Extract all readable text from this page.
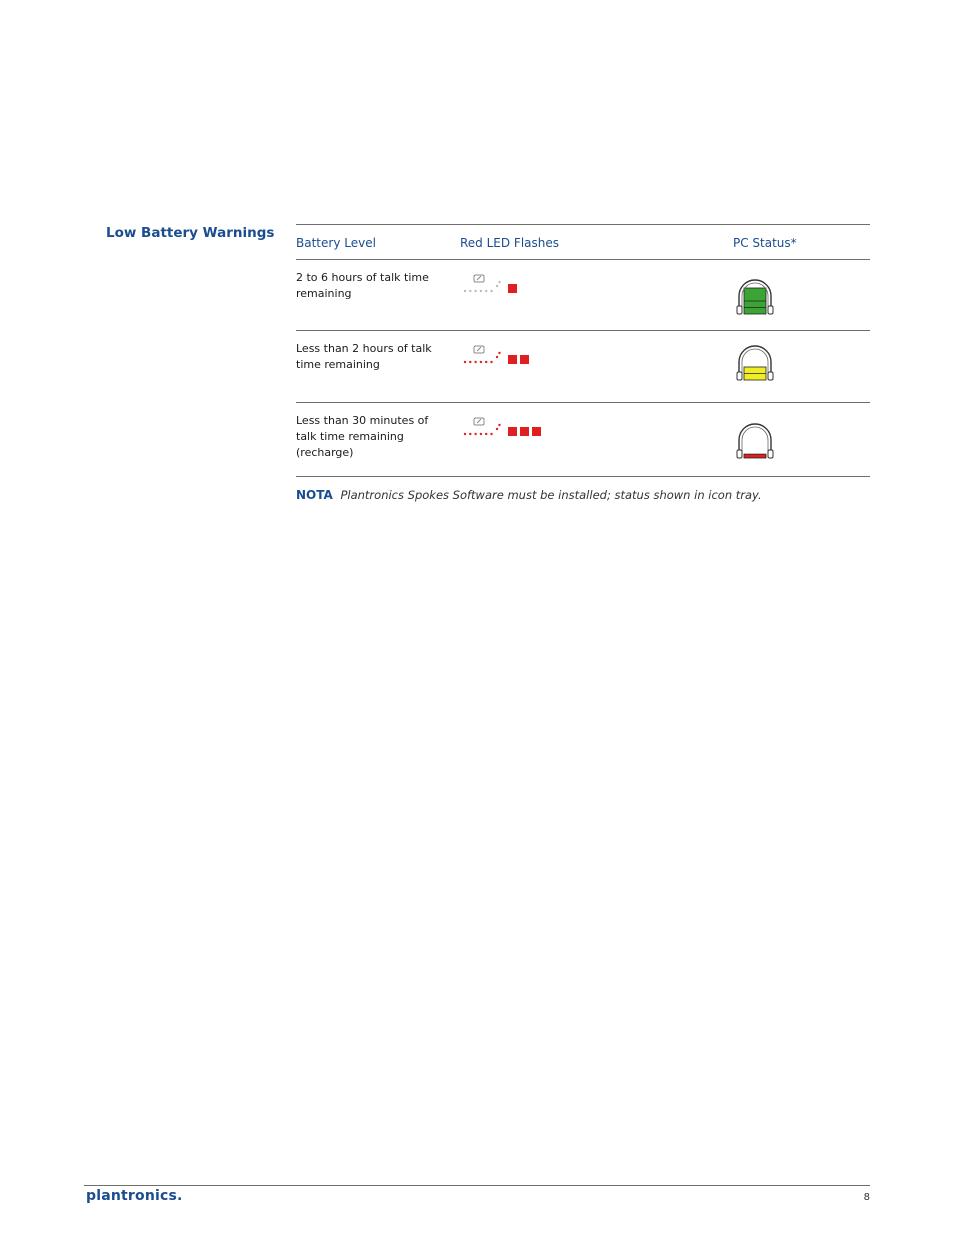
Low Battery Warnings
Battery Level	Red LED Flashes	PC Status*
2 to 6 hours of talk time remaining
Less than 2 hours of talk time remaining
Less than 30 minutes of talk time remaining (recharge)
NOTA Plantronics Spokes Software must be installed; status shown in icon tray.
plantronics.	8
